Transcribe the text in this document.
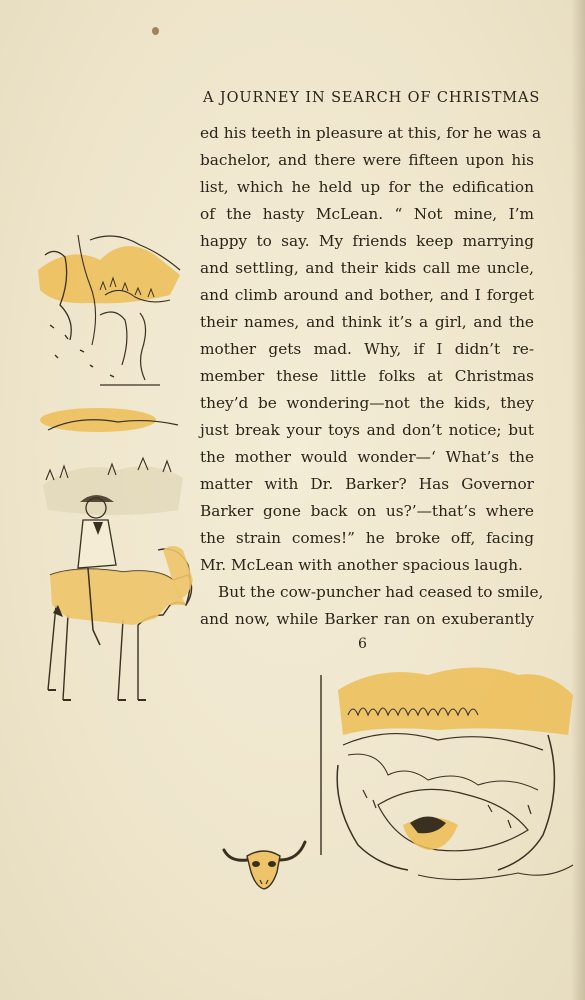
A JOURNEY IN SEARCH OF CHRISTMAS
ed his teeth in pleasure at this, for he was a
bachelor, and there were fifteen upon his
list, which he held up for the edification
of the hasty McLean. “ Not mine, I’m
happy to say. My friends keep marrying
and settling, and their kids call me uncle,
and climb around and bother, and I forget
their names, and think it’s a girl, and the
mother gets mad. Why, if I didn’t re-
member these little folks at Christmas
they’d be wondering—not the kids, they
just break your toys and don’t notice; but
the mother would wonder—‘ What’s the
matter with Dr. Barker? Has Governor
Barker gone back on us?’—that’s where
the strain comes!” he broke off, facing
Mr. McLean with another spacious laugh.
But the cow-puncher had ceased to smile,
and now, while Barker ran on exuberantly
6
